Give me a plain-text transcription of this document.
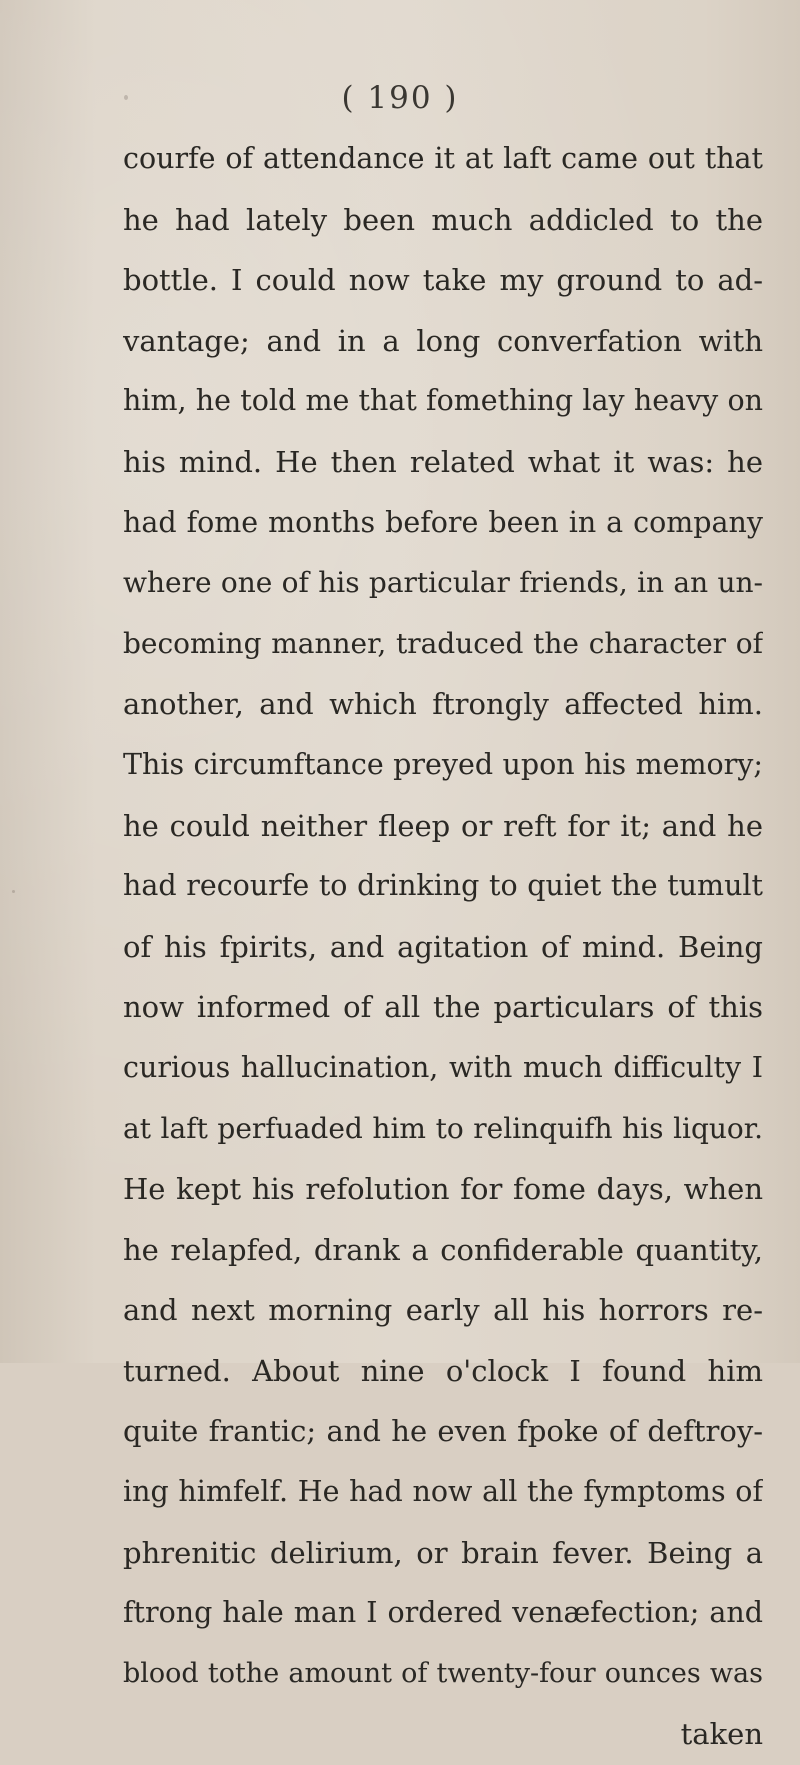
( 190 )
courfe of attendance it at laft came out that
he had lately been much addicled to the
bottle. I could now take my ground to ad-
vantage; and in a long converfation with
him, he told me that fomething lay heavy on
his mind. He then related what it was: he
had fome months before been in a company
where one of his particular friends, in an un-
becoming manner, traduced the character of
another, and which ftrongly affected him.
This circumftance preyed upon his memory;
he could neither fleep or reft for it; and he
had recourfe to drinking to quiet the tumult
of his fpirits, and agitation of mind. Being
now informed of all the particulars of this
curious hallucination, with much difficulty I
at laft perfuaded him to relinquifh his liquor.
He kept his refolution for fome days, when
he relapfed, drank a confiderable quantity,
and next morning early all his horrors re-
turned. About nine o'clock I found him
quite frantic; and he even fpoke of deftroy-
ing himfelf. He had now all the fymptoms of
phrenitic delirium, or brain fever. Being a
ftrong hale man I ordered venæfection; and
blood tothe amount of twenty-four ounces was
taken
